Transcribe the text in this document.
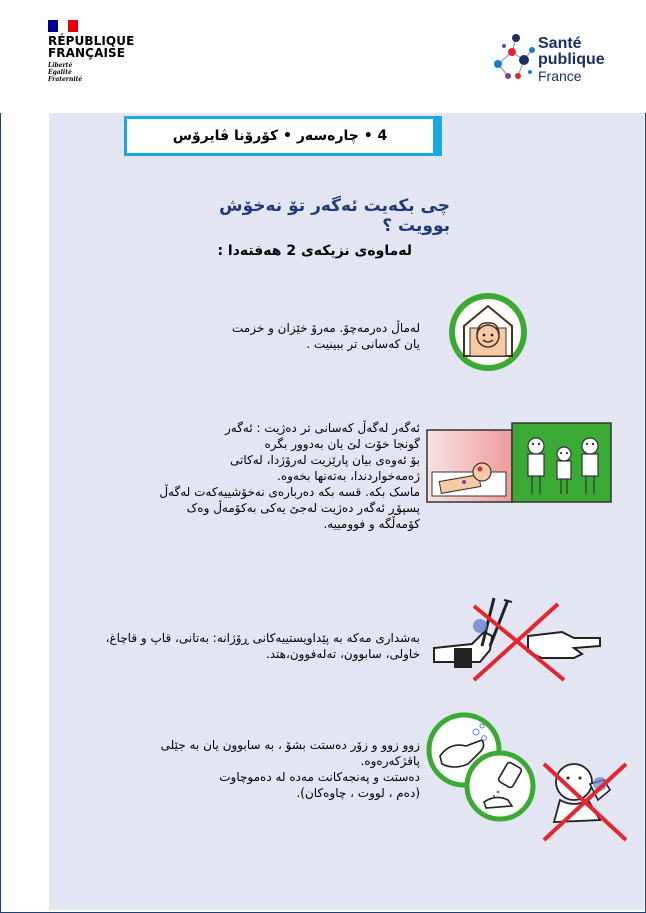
RÉPUBLIQUE
FRANÇAISE
Liberté
Égalité
Fraternité
Santé
publique
France
4 • چارەسەر • کۆرۆنا ڤایرۆس
چی بکەیت ئەگەر تۆ نەخۆش بوویت ؟
لەماوەی نزیکەی 2 هەفتەدا :
لەماڵ دەرمەچۆ. مەرۆ خێزان و خزمت
یان کەسانی تر ببینیت .
ئەگەر لەگەڵ کەسانی تر دەژیت : ئەگەر
گونجا خۆت لێ یان بەدوور بگرە
بۆ ئەوەی بیان پارێزیت لەرۆژدا، لەکاتی
ژەمەخواردندا، بەتەنها بخەوە.
ماسک بکە. قسە بکە دەربارەی نەخۆشییەکەت لەگەڵ
پسپۆڕ ئەگەر دەژیت لەجێ یەکی بەکۆمەڵ وەک
کۆمەڵگە و فوومییە.
بەشداری مەکە بە پێداویستییەکانی ڕۆژانە: بەتانی، قاپ و قاچاغ،
خاولی، سابوون، تەلەفوون،هتد.
زوو زوو و زۆر دەستت بشۆ ، بە سابوون یان بە جێلی
پاقژکەرەوە.
دەستت و پەنجەکانت مەدە لە دەموچاوت
(دەم ، لووت ، چاوەکان).
